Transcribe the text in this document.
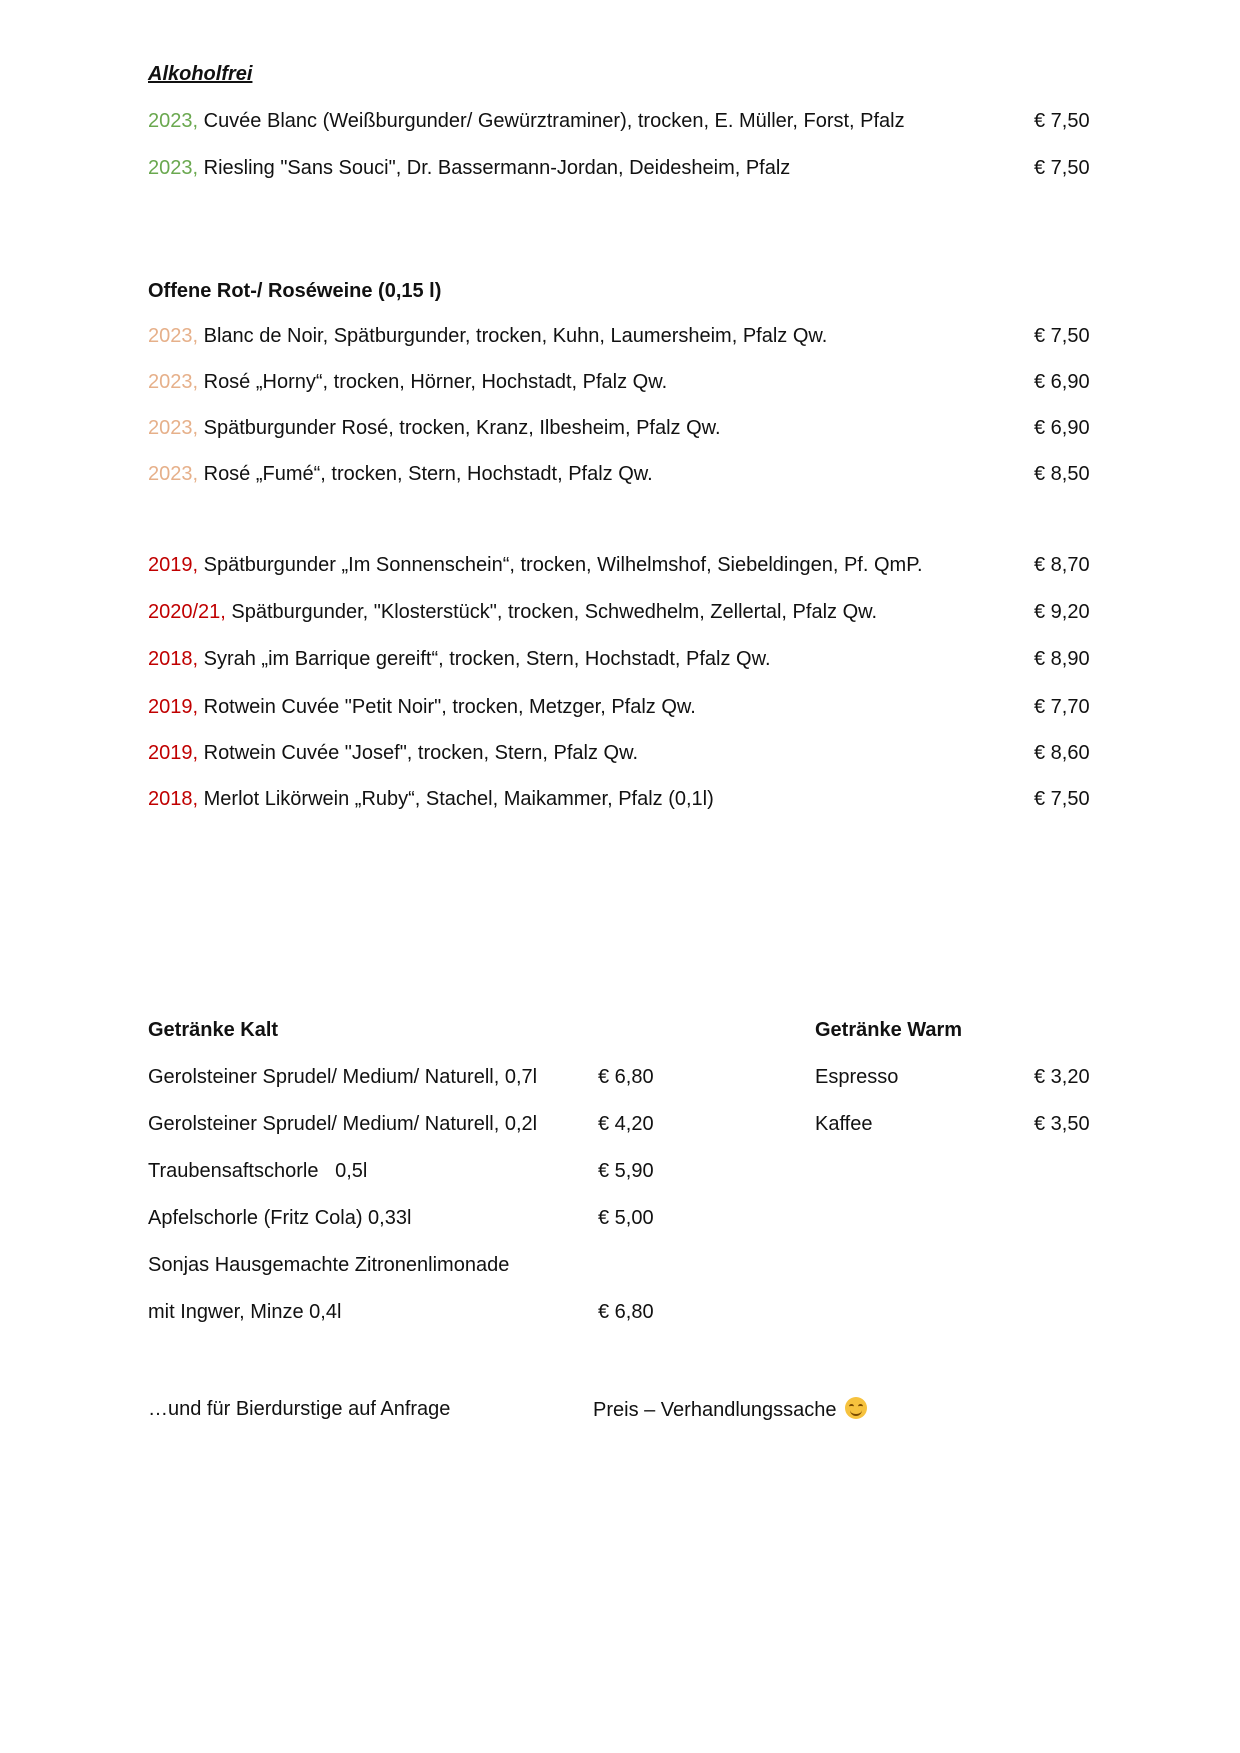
Alkoholfrei
2023, Cuvée Blanc (Weißburgunder/ Gewürztraminer), trocken, E. Müller, Forst, Pfalz	€ 7,50
2023, Riesling "Sans Souci", Dr. Bassermann-Jordan, Deidesheim, Pfalz	€ 7,50
Offene Rot-/ Roséweine (0,15 l)
2023, Blanc de Noir, Spätburgunder, trocken, Kuhn, Laumersheim, Pfalz Qw.	€ 7,50
2023, Rosé „Horny“, trocken, Hörner, Hochstadt, Pfalz Qw.	€ 6,90
2023, Spätburgunder Rosé, trocken, Kranz, Ilbesheim, Pfalz Qw.	€ 6,90
2023, Rosé „Fumé“, trocken, Stern, Hochstadt, Pfalz Qw.	€ 8,50
2019, Spätburgunder „Im Sonnenschein“, trocken, Wilhelmshof, Siebeldingen, Pf. QmP.	€ 8,70
2020/21, Spätburgunder, "Klosterstück", trocken, Schwedhelm, Zellertal, Pfalz Qw.	€ 9,20
2018, Syrah „im Barrique gereift“, trocken, Stern, Hochstadt, Pfalz Qw.	€ 8,90
2019, Rotwein Cuvée "Petit Noir", trocken, Metzger, Pfalz Qw.	€ 7,70
2019, Rotwein Cuvée "Josef", trocken, Stern, Pfalz Qw.	€ 8,60
2018, Merlot Likörwein „Ruby“, Stachel, Maikammer, Pfalz (0,1l)	€ 7,50
Getränke Kalt
Gerolsteiner Sprudel/ Medium/ Naturell, 0,7l	€ 6,80
Gerolsteiner Sprudel/ Medium/ Naturell, 0,2l	€ 4,20
Traubensaftschorle   0,5l	€ 5,90
Apfelschorle (Fritz Cola) 0,33l	€ 5,00
Sonjas Hausgemachte Zitronenlimonade
mit Ingwer, Minze 0,4l	€ 6,80
Getränke Warm
Espresso	€ 3,20
Kaffee	€ 3,50
…und für Bierdurstige auf Anfrage	Preis – Verhandlungssache
